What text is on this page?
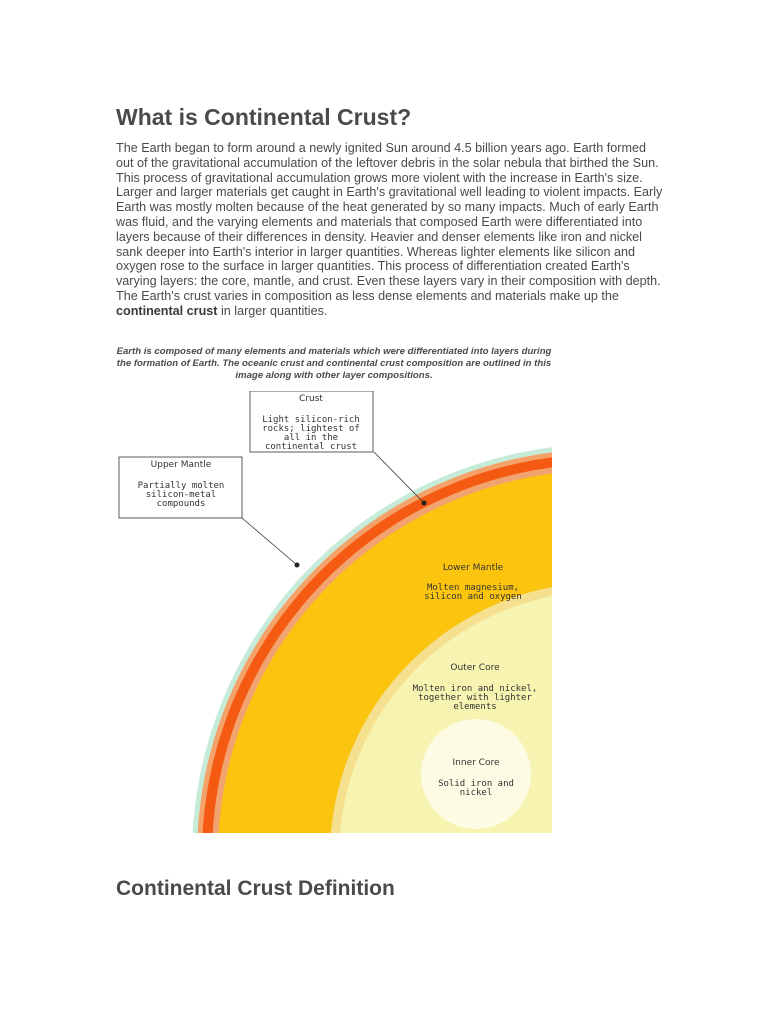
What is Continental Crust?

The Earth began to form around a newly ignited Sun around 4.5 billion years ago. Earth formed out of the gravitational accumulation of the leftover debris in the solar nebula that birthed the Sun. This process of gravitational accumulation grows more violent with the increase in Earth's size. Larger and larger materials get caught in Earth's gravitational well leading to violent impacts. Early Earth was mostly molten because of the heat generated by so many impacts. Much of early Earth was fluid, and the varying elements and materials that composed Earth were differentiated into layers because of their differences in density. Heavier and denser elements like iron and nickel sank deeper into Earth's interior in larger quantities. Whereas lighter elements like silicon and oxygen rose to the surface in larger quantities. This process of differentiation created Earth's varying layers: the core, mantle, and crust. Even these layers vary in their composition with depth. The Earth's crust varies in composition as less dense elements and materials make up the continental crust in larger quantities.

Earth is composed of many elements and materials which were differentiated into layers during the formation of Earth. The oceanic crust and continental crust composition are outlined in this image along with other layer compositions.

Crust
Light silicon-rich
rocks; lightest of
all in the
continental crust
Upper Mantle
Partially molten
silicon-metal
compounds
Lower Mantle
Molten magnesium,
silicon and oxygen
Outer Core
Molten iron and nickel,
together with lighter
elements
Inner Core
Solid iron and
nickel
Continental Crust Definition
